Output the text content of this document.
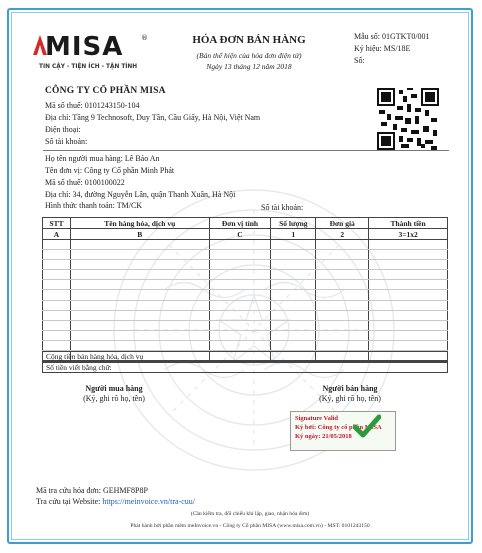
MISA	®
TIN CẬY - TIỆN ÍCH - TẬN TÌNH
HÓA ĐƠN BÁN HÀNG
(Bản thể hiện của hóa đơn điện tử)
Ngày 13 tháng 12 năm 2018
Mẫu số: 01GTKT0/001
Ký hiệu: MS/18E
Số:
CÔNG TY CỔ PHẦN MISA
Mã số thuế: 0101243150-104
Địa chỉ: Tầng 9 Technosoft, Duy Tân, Cầu Giấy, Hà Nội, Việt Nam
Điện thoại:
Số tài khoản:
Họ tên người mua hàng: Lê Bảo An
Tên đơn vị: Công ty Cổ phần Minh Phát
Mã số thuế: 0100100022
Địa chỉ: 34, đường Nguyễn Lân, quận Thanh Xuân, Hà Nội
Hình thức thanh toán: TM/CK	Số tài khoản:
STT	Tên hàng hóa, dịch vụ	Đơn vị tính	Số lượng	Đơn giá	Thành tiền
A	B	C	1	2	3=1x2

Cộng tiền bán hàng hóa, dịch vụ
Số tiền viết bằng chữ:
Người mua hàng
(Ký, ghi rõ họ, tên)
Người bán hàng
(Ký, ghi rõ họ, tên)
Signature Valid
Ký bởi: Công ty cổ phần MISA
Ký ngày: 21/05/2018
Mã tra cứu hóa đơn: GEHMF8P8P
Tra cứu tại Website: https://meinvoice.vn/tra-cuu/
(Cần kiểm tra, đối chiếu khi lập, giao, nhận hóa đơn)
Phát hành bởi phần mềm meInvoice.vn - Công ty Cổ phần MISA (www.misa.com.vn) - MST: 0101243150
